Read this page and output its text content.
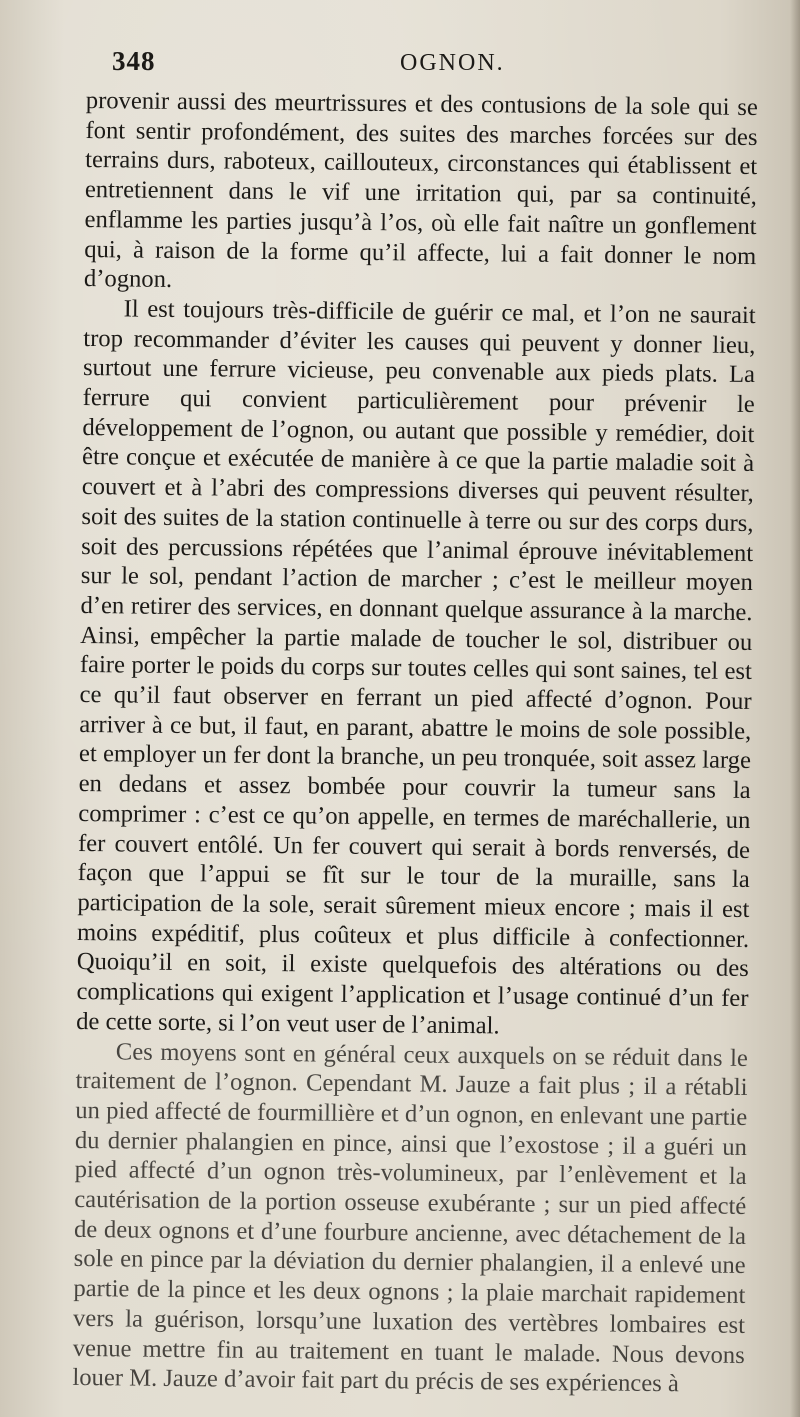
348	OGNON.

provenir aussi des meurtrissures et des contusions de la sole qui se font sentir profondément, des suites des marches forcées sur des terrains durs, raboteux, caillouteux, circonstances qui établissent et entretiennent dans le vif une irritation qui, par sa continuité, enflamme les parties jusqu’à l’os, où elle fait naître un gonflement qui, à raison de la forme qu’il affecte, lui a fait donner le nom d’ognon.

Il est toujours très-difficile de guérir ce mal, et l’on ne saurait trop recommander d’éviter les causes qui peuvent y donner lieu, surtout une ferrure vicieuse, peu convenable aux pieds plats. La ferrure qui convient particulièrement pour prévenir le développement de l’ognon, ou autant que possible y remédier, doit être conçue et exécutée de manière à ce que la partie maladie soit à couvert et à l’abri des compressions diverses qui peuvent résulter, soit des suites de la station continuelle à terre ou sur des corps durs, soit des percussions répétées que l’animal éprouve inévitablement sur le sol, pendant l’action de marcher ; c’est le meilleur moyen d’en retirer des services, en donnant quelque assurance à la marche. Ainsi, empêcher la partie malade de toucher le sol, distribuer ou faire porter le poids du corps sur toutes celles qui sont saines, tel est ce qu’il faut observer en ferrant un pied affecté d’ognon. Pour arriver à ce but, il faut, en parant, abattre le moins de sole possible, et employer un fer dont la branche, un peu tronquée, soit assez large en dedans et assez bombée pour couvrir la tumeur sans la comprimer : c’est ce qu’on appelle, en termes de maréchallerie, un fer couvert entôlé. Un fer couvert qui serait à bords renversés, de façon que l’appui se fît sur le tour de la muraille, sans la participation de la sole, serait sûrement mieux encore ; mais il est moins expéditif, plus coûteux et plus difficile à confectionner. Quoiqu’il en soit, il existe quelquefois des altérations ou des complications qui exigent l’application et l’usage continué d’un fer de cette sorte, si l’on veut user de l’animal.

Ces moyens sont en général ceux auxquels on se réduit dans le traitement de l’ognon. Cependant M. Jauze a fait plus ; il a rétabli un pied affecté de fourmillière et d’un ognon, en enlevant une partie du dernier phalangien en pince, ainsi que l’exostose ; il a guéri un pied affecté d’un ognon très-volumineux, par l’enlèvement et la cautérisation de la portion osseuse exubérante ; sur un pied affecté de deux ognons et d’une fourbure ancienne, avec détachement de la sole en pince par la déviation du dernier phalangien, il a enlevé une partie de la pince et les deux ognons ; la plaie marchait rapidement vers la guérison, lorsqu’une luxation des vertèbres lombaires est venue mettre fin au traitement en tuant le malade. Nous devons louer M. Jauze d’avoir fait part du précis de ses expériences à
